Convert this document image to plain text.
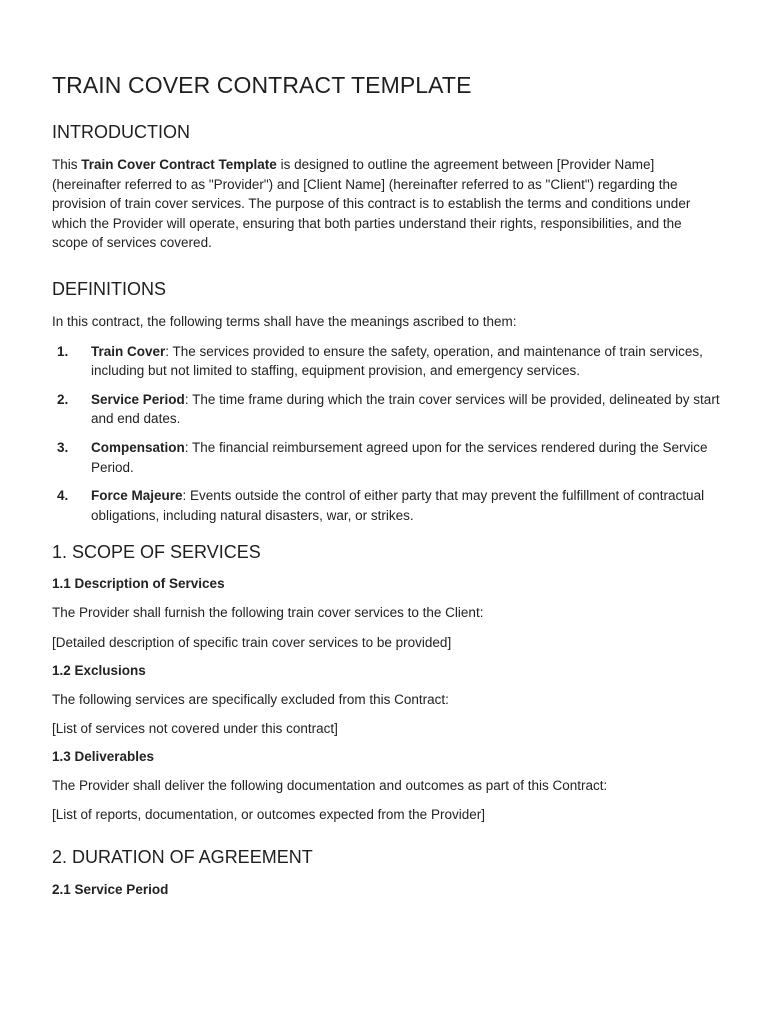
TRAIN COVER CONTRACT TEMPLATE
INTRODUCTION

This Train Cover Contract Template is designed to outline the agreement between [Provider Name] (hereinafter referred to as "Provider") and [Client Name] (hereinafter referred to as "Client") regarding the provision of train cover services. The purpose of this contract is to establish the terms and conditions under which the Provider will operate, ensuring that both parties understand their rights, responsibilities, and the scope of services covered.

DEFINITIONS

In this contract, the following terms shall have the meanings ascribed to them:

1. Train Cover: The services provided to ensure the safety, operation, and maintenance of train services, including but not limited to staffing, equipment provision, and emergency services.
2. Service Period: The time frame during which the train cover services will be provided, delineated by start and end dates.
3. Compensation: The financial reimbursement agreed upon for the services rendered during the Service Period.
4. Force Majeure: Events outside the control of either party that may prevent the fulfillment of contractual obligations, including natural disasters, war, or strikes.
1. SCOPE OF SERVICES
1.1 Description of Services

The Provider shall furnish the following train cover services to the Client:

[Detailed description of specific train cover services to be provided]

1.2 Exclusions

The following services are specifically excluded from this Contract:

[List of services not covered under this contract]

1.3 Deliverables

The Provider shall deliver the following documentation and outcomes as part of this Contract:

[List of reports, documentation, or outcomes expected from the Provider]

2. DURATION OF AGREEMENT
2.1 Service Period
